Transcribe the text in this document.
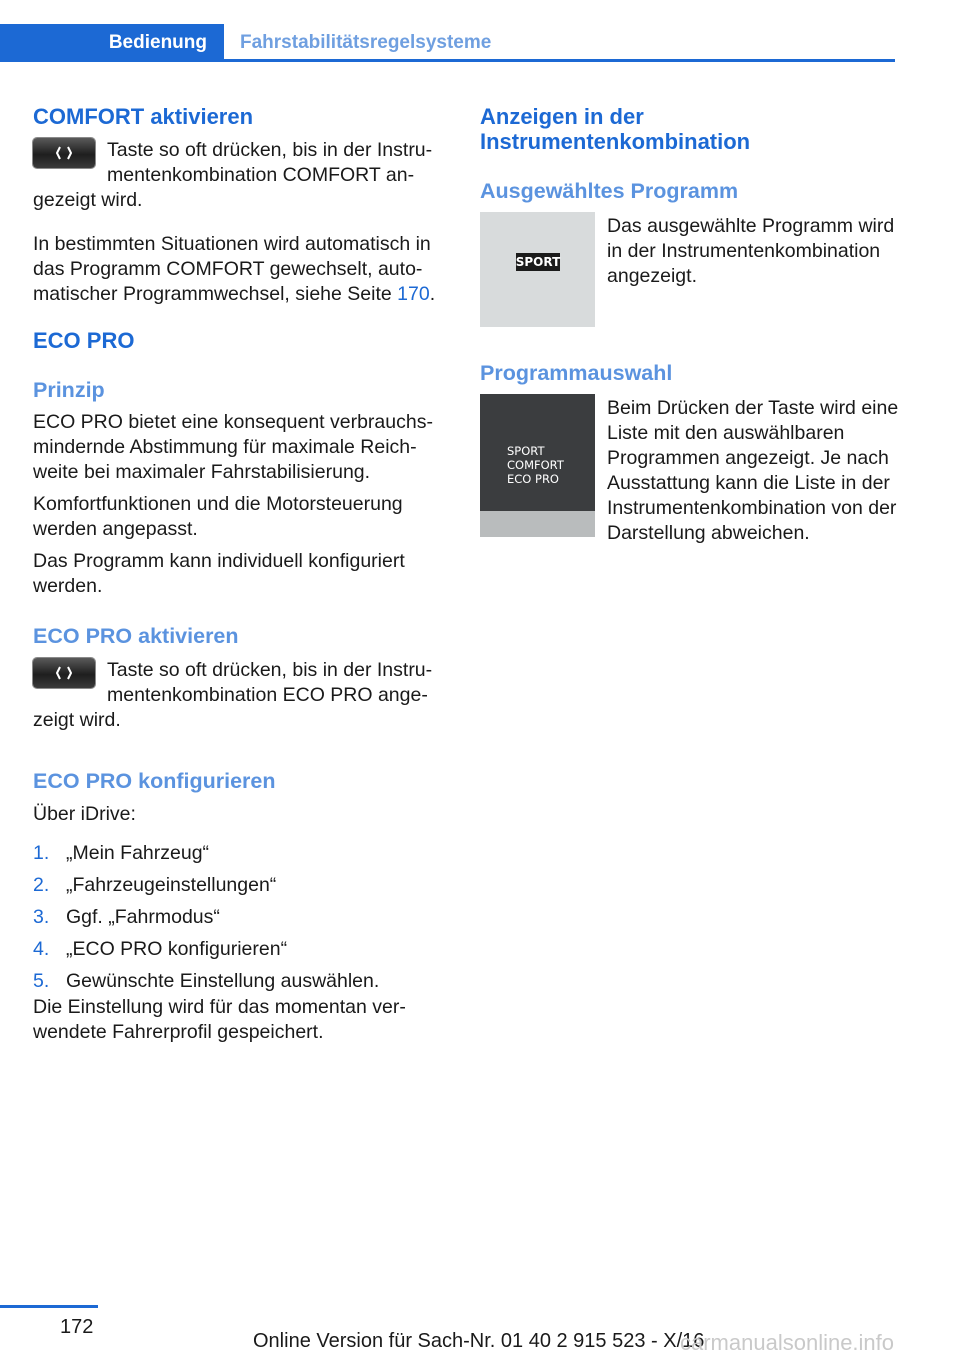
Bedienung	Fahrstabilitätsregelsysteme
COMFORT aktivieren

Taste so oft drücken, bis in der Instrumentenkombination COMFORT angezeigt wird.

In bestimmten Situationen wird automatisch in das Programm COMFORT gewechselt, automatischer Programmwechsel, siehe Seite 170.

ECO PRO
Prinzip

ECO PRO bietet eine konsequent verbrauchsmindernde Abstimmung für maximale Reichweite bei maximaler Fahrstabilisierung.

Komfortfunktionen und die Motorsteuerung werden angepasst.

Das Programm kann individuell konfiguriert werden.

ECO PRO aktivieren

Taste so oft drücken, bis in der Instrumentenkombination ECO PRO angezeigt wird.

ECO PRO konfigurieren

Über iDrive:

1. „Mein Fahrzeug“
2. „Fahrzeugeinstellungen“
3. Ggf. „Fahrmodus“
4. „ECO PRO konfigurieren“
5. Gewünschte Einstellung auswählen.

Die Einstellung wird für das momentan verwendete Fahrerprofil gespeichert.

Anzeigen in der Instrumentenkombination
Ausgewähltes Programm
SPORT

Das ausgewählte Programm wird in der Instrumentenkombination angezeigt.

Programmauswahl
SPORT
COMFORT
ECO PRO

Beim Drücken der Taste wird eine Liste mit den auswählbaren Programmen angezeigt. Je nach Ausstattung kann die Liste in der Instrumentenkombination von der Darstellung abweichen.

172
Online Version für Sach-Nr. 01 40 2 915 523 - X/16
carmanualsonline.info
